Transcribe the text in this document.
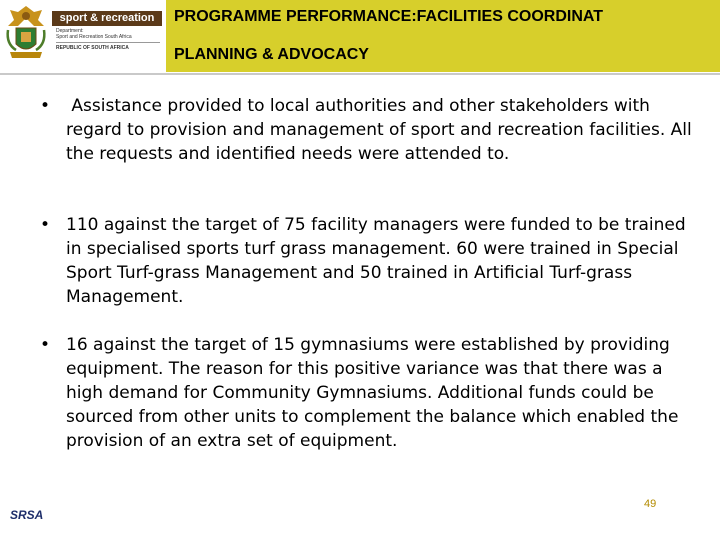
sport & recreation
Department:
Sport and Recreation South Africa
REPUBLIC OF SOUTH AFRICA
PROGRAMME PERFORMANCE:FACILITIES COORDINAT
PLANNING & ADVOCACY
• Assistance provided to local authorities and other stakeholders with regard to provision and management of sport and recreation facilities. All the requests and identified needs were attended to.
• 110 against the target of 75 facility managers were funded to be trained in specialised sports turf grass management. 60 were trained in Special Sport Turf-grass Management and 50 trained in Artificial Turf-grass Management.
• 16 against the target of 15 gymnasiums were established by providing equipment. The reason for this positive variance was that there was a high demand for Community Gymnasiums. Additional funds could be sourced from other units to complement the balance which enabled the provision of an extra set of equipment.
SRSA
49
